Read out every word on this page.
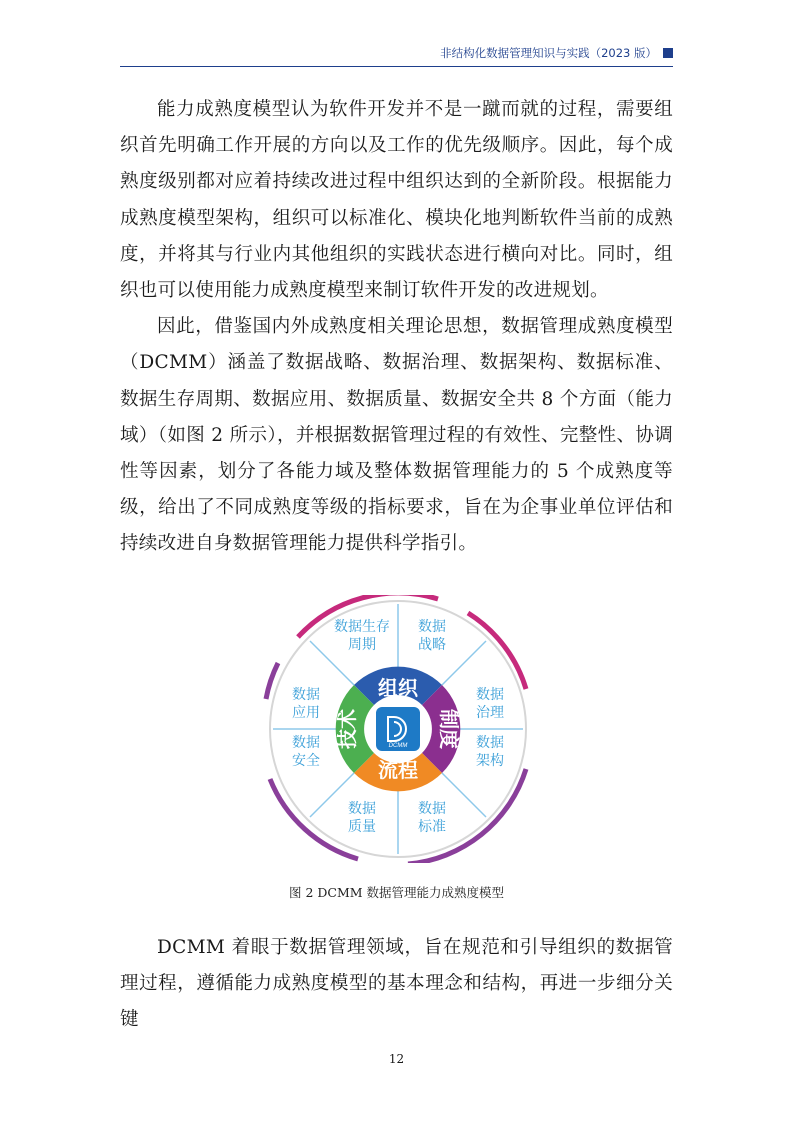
非结构化数据管理知识与实践（2023 版）

能力成熟度模型认为软件开发并不是一蹴而就的过程，需要组织首先明确工作开展的方向以及工作的优先级顺序。因此，每个成熟度级别都对应着持续改进过程中组织达到的全新阶段。根据能力成熟度模型架构，组织可以标准化、模块化地判断软件当前的成熟度，并将其与行业内其他组织的实践状态进行横向对比。同时，组织也可以使用能力成熟度模型来制订软件开发的改进规划。

因此，借鉴国内外成熟度相关理论思想，数据管理成熟度模型（DCMM）涵盖了数据战略、数据治理、数据架构、数据标准、数据生存周期、数据应用、数据质量、数据安全共 8 个方面（能力域）（如图 2 所示），并根据数据管理过程的有效性、完整性、协调性等因素，划分了各能力域及整体数据管理能力的 5 个成熟度等级，给出了不同成熟度等级的指标要求，旨在为企事业单位评估和持续改进自身数据管理能力提供科学指引。

DCMM
组织
流程
制度
技术
数据生存
周期
数据
战略
数据
治理
数据
架构
数据
标准
数据
质量
数据
安全
数据
应用
图 2 DCMM 数据管理能力成熟度模型

DCMM 着眼于数据管理领域，旨在规范和引导组织的数据管理过程，遵循能力成熟度模型的基本理念和结构，再进一步细分关键

12
